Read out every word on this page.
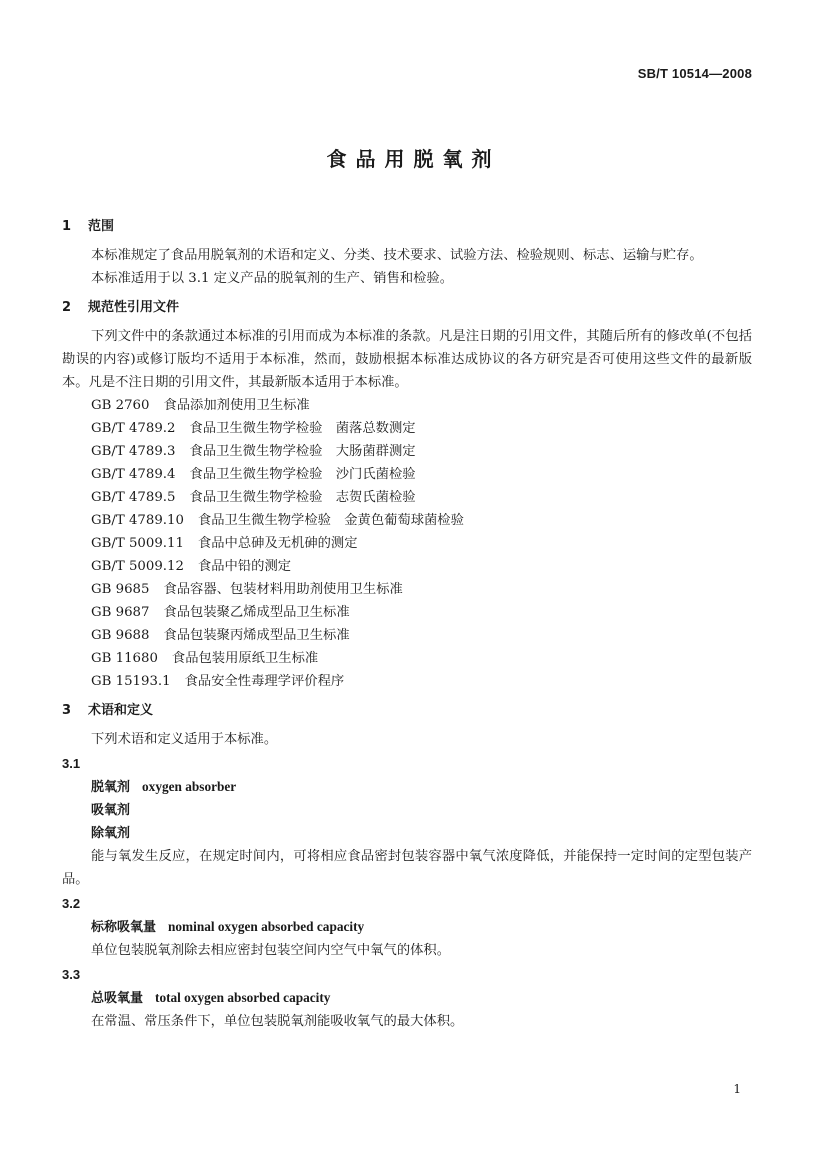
SB/T 10514—2008
食品用脱氧剂
1 范围

本标准规定了食品用脱氧剂的术语和定义、分类、技术要求、试验方法、检验规则、标志、运输与贮存。

本标准适用于以 3.1 定义产品的脱氧剂的生产、销售和检验。

2 规范性引用文件

下列文件中的条款通过本标准的引用而成为本标准的条款。凡是注日期的引用文件，其随后所有的修改单(不包括勘误的内容)或修订版均不适用于本标准，然而，鼓励根据本标准达成协议的各方研究是否可使用这些文件的最新版本。凡是不注日期的引用文件，其最新版本适用于本标准。

GB 2760 食品添加剂使用卫生标准

GB/T 4789.2 食品卫生微生物学检验　菌落总数测定

GB/T 4789.3 食品卫生微生物学检验　大肠菌群测定

GB/T 4789.4 食品卫生微生物学检验　沙门氏菌检验

GB/T 4789.5 食品卫生微生物学检验　志贺氏菌检验

GB/T 4789.10 食品卫生微生物学检验　金黄色葡萄球菌检验

GB/T 5009.11 食品中总砷及无机砷的测定

GB/T 5009.12 食品中铅的测定

GB 9685 食品容器、包装材料用助剂使用卫生标准

GB 9687 食品包装聚乙烯成型品卫生标准

GB 9688 食品包装聚丙烯成型品卫生标准

GB 11680 食品包装用原纸卫生标准

GB 15193.1 食品安全性毒理学评价程序

3 术语和定义

下列术语和定义适用于本标准。

3.1
脱氧剂 oxygen absorber
吸氧剂
除氧剂

能与氧发生反应，在规定时间内，可将相应食品密封包装容器中氧气浓度降低，并能保持一定时间的定型包装产品。

3.2
标称吸氧量 nominal oxygen absorbed capacity

单位包装脱氧剂除去相应密封包装空间内空气中氧气的体积。

3.3
总吸氧量 total oxygen absorbed capacity

在常温、常压条件下，单位包装脱氧剂能吸收氧气的最大体积。

1
